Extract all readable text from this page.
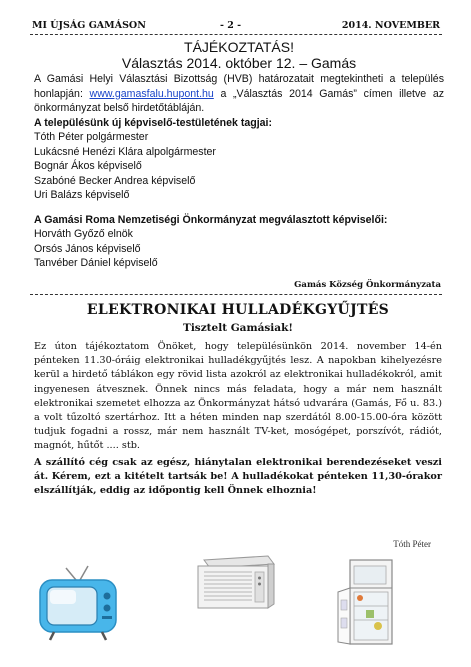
MI ÚJSÁG GAMÁSON	- 2 -	2014. NOVEMBER
TÁJÉKOZTATÁS!
Választás 2014. október 12. – Gamás
A Gamási Helyi Választási Bizottság (HVB) határozatait megtekintheti a település honlapján: www.gamasfalu.hupont.hu a „Választás 2014 Gamás” címen illetve az önkormányzat belső hirdetőtábláján.
A településünk új képviselő-testületének tagjai:
Tóth Péter polgármester
Lukácsné Henézi Klára alpolgármester
Bognár Ákos képviselő
Szabóné Becker Andrea képviselő
Uri Balázs képviselő
A Gamási Roma Nemzetiségi Önkormányzat megválasztott képviselői:
Horváth Győző elnök
Orsós János képviselő
Tanvéber Dániel képviselő
Gamás Község Önkormányzata
ELEKTRONIKAI HULLADÉKGYŰJTÉS
Tisztelt Gamásiak!
Ez úton tájékoztatom Önöket, hogy településünkön 2014. november 14-én pénteken 11.30-óráig elektronikai hulladékgyűjtés lesz. A napokban kihelyezésre kerül a hirdető táblákon egy rövid lista azokról az elektronikai hulladékokról, amit ingyenesen átvesznek. Önnek nincs más feladata, hogy a már nem használt elektronikai szemetet elhozza az Önkormányzat hátsó udvarára (Gamás, Fő u. 83.) a volt tűzoltó szertárhoz. Itt a héten minden nap szerdától 8.00-15.00-óra között tudjuk fogadni a rossz, már nem használt TV-ket, mosógépet, porszívót, rádiót, magnót, hűtőt .... stb.
A szállító cég csak az egész, hiánytalan elektronikai berendezéseket veszi át. Kérem, ezt a kitételt tartsák be! A hulladékokat pénteken 11,30-órakor elszállítják, eddig az időpontig kell Önnek elhoznia!
Tóth Péter
